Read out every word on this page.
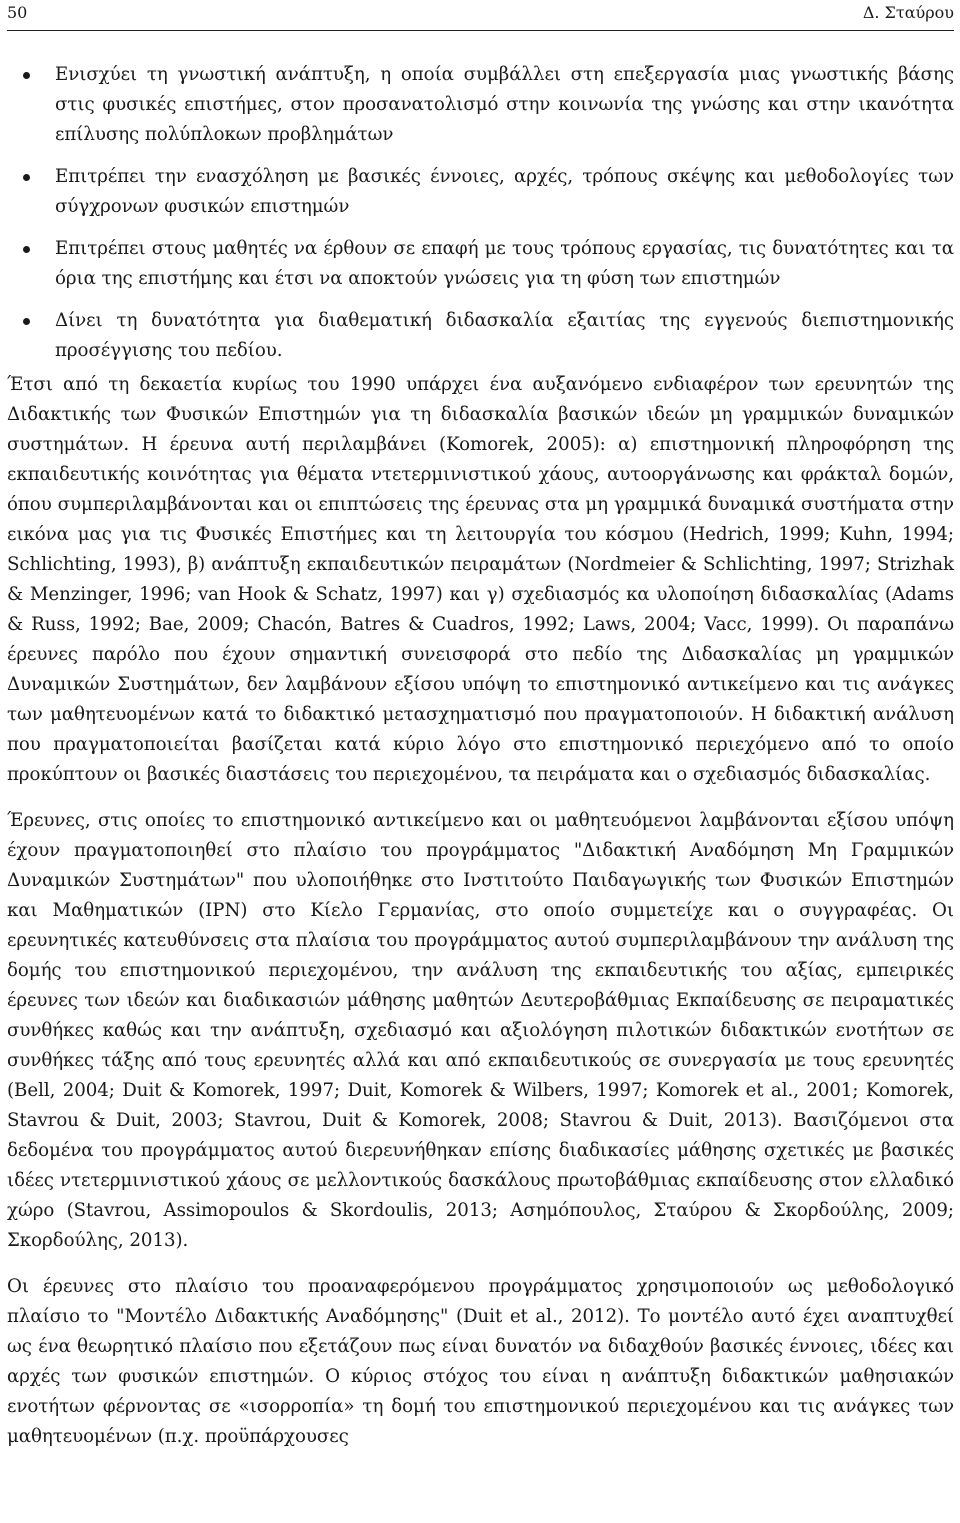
50	Δ. Σταύρου
Ενισχύει τη γνωστική ανάπτυξη, η οποία συμβάλλει στη επεξεργασία μιας γνωστικής βάσης στις φυσικές επιστήμες, στον προσανατολισμό στην κοινωνία της γνώσης και στην ικανότητα επίλυσης πολύπλοκων προβλημάτων
Επιτρέπει την ενασχόληση με βασικές έννοιες, αρχές, τρόπους σκέψης και μεθοδολογίες των σύγχρονων φυσικών επιστημών
Επιτρέπει στους μαθητές να έρθουν σε επαφή με τους τρόπους εργασίας, τις δυνατότητες και τα όρια της επιστήμης και έτσι να αποκτούν γνώσεις για τη φύση των επιστημών
Δίνει τη δυνατότητα για διαθεματική διδασκαλία εξαιτίας της εγγενούς διεπιστημονικής προσέγγισης του πεδίου.

Έτσι από τη δεκαετία κυρίως του 1990 υπάρχει ένα αυξανόμενο ενδιαφέρον των ερευνητών της Διδακτικής των Φυσικών Επιστημών για τη διδασκαλία βασικών ιδεών μη γραμμικών δυναμικών συστημάτων. Η έρευνα αυτή περιλαμβάνει (Komorek, 2005): α) επιστημονική πληροφόρηση της εκπαιδευτικής κοινότητας για θέματα ντετερμινιστικού χάους, αυτοοργάνωσης και φράκταλ δομών, όπου συμπεριλαμβάνονται και οι επιπτώσεις της έρευνας στα μη γραμμικά δυναμικά συστήματα στην εικόνα μας για τις Φυσικές Επιστήμες και τη λειτουργία του κόσμου (Hedrich, 1999; Kuhn, 1994; Schlichting, 1993), β) ανάπτυξη εκπαιδευτικών πειραμάτων (Nordmeier & Schlichting, 1997; Strizhak & Menzinger, 1996; van Hook & Schatz, 1997) και γ) σχεδιασμός κα υλοποίηση διδασκαλίας (Adams & Russ, 1992; Bae, 2009; Chacón, Batres & Cuadros, 1992; Laws, 2004; Vacc, 1999). Οι παραπάνω έρευνες παρόλο που έχουν σημαντική συνεισφορά στο πεδίο της Διδασκαλίας μη γραμμικών Δυναμικών Συστημάτων, δεν λαμβάνουν εξίσου υπόψη το επιστημονικό αντικείμενο και τις ανάγκες των μαθητευομένων κατά το διδακτικό μετασχηματισμό που πραγματοποιούν. Η διδακτική ανάλυση που πραγματοποιείται βασίζεται κατά κύριο λόγο στο επιστημονικό περιεχόμενο από το οποίο προκύπτουν οι βασικές διαστάσεις του περιεχομένου, τα πειράματα και ο σχεδιασμός διδασκαλίας.

Έρευνες, στις οποίες το επιστημονικό αντικείμενο και οι μαθητευόμενοι λαμβάνονται εξίσου υπόψη έχουν πραγματοποιηθεί στο πλαίσιο του προγράμματος "Διδακτική Αναδόμηση Μη Γραμμικών Δυναμικών Συστημάτων" που υλοποιήθηκε στο Ινστιτούτο Παιδαγωγικής των Φυσικών Επιστημών και Μαθηματικών (IPN) στο Κίελο Γερμανίας, στο οποίο συμμετείχε και ο συγγραφέας. Οι ερευνητικές κατευθύνσεις στα πλαίσια του προγράμματος αυτού συμπεριλαμβάνουν την ανάλυση της δομής του επιστημονικού περιεχομένου, την ανάλυση της εκπαιδευτικής του αξίας, εμπειρικές έρευνες των ιδεών και διαδικασιών μάθησης μαθητών Δευτεροβάθμιας Εκπαίδευσης σε πειραματικές συνθήκες καθώς και την ανάπτυξη, σχεδιασμό και αξιολόγηση πιλοτικών διδακτικών ενοτήτων σε συνθήκες τάξης από τους ερευνητές αλλά και από εκπαιδευτικούς σε συνεργασία με τους ερευνητές (Bell, 2004; Duit & Komorek, 1997; Duit, Komorek & Wilbers, 1997; Komorek et al., 2001; Komorek, Stavrou & Duit, 2003; Stavrou, Duit & Komorek, 2008; Stavrou & Duit, 2013). Βασιζόμενοι στα δεδομένα του προγράμματος αυτού διερευνήθηκαν επίσης διαδικασίες μάθησης σχετικές με βασικές ιδέες ντετερμινιστικού χάους σε μελλοντικούς δασκάλους πρωτοβάθμιας εκπαίδευσης στον ελλαδικό χώρο (Stavrou, Assimopoulos & Skordoulis, 2013; Ασημόπουλος, Σταύρου & Σκορδούλης, 2009; Σκορδούλης, 2013).

Οι έρευνες στο πλαίσιο του προαναφερόμενου προγράμματος χρησιμοποιούν ως μεθοδολογικό πλαίσιο το "Μοντέλο Διδακτικής Αναδόμησης" (Duit et al., 2012). Το μοντέλο αυτό έχει αναπτυχθεί ως ένα θεωρητικό πλαίσιο που εξετάζουν πως είναι δυνατόν να διδαχθούν βασικές έννοιες, ιδέες και αρχές των φυσικών επιστημών. Ο κύριος στόχος του είναι η ανάπτυξη διδακτικών μαθησιακών ενοτήτων φέρνοντας σε «ισορροπία» τη δομή του επιστημονικού περιεχομένου και τις ανάγκες των μαθητευομένων (π.χ. προϋπάρχουσες
